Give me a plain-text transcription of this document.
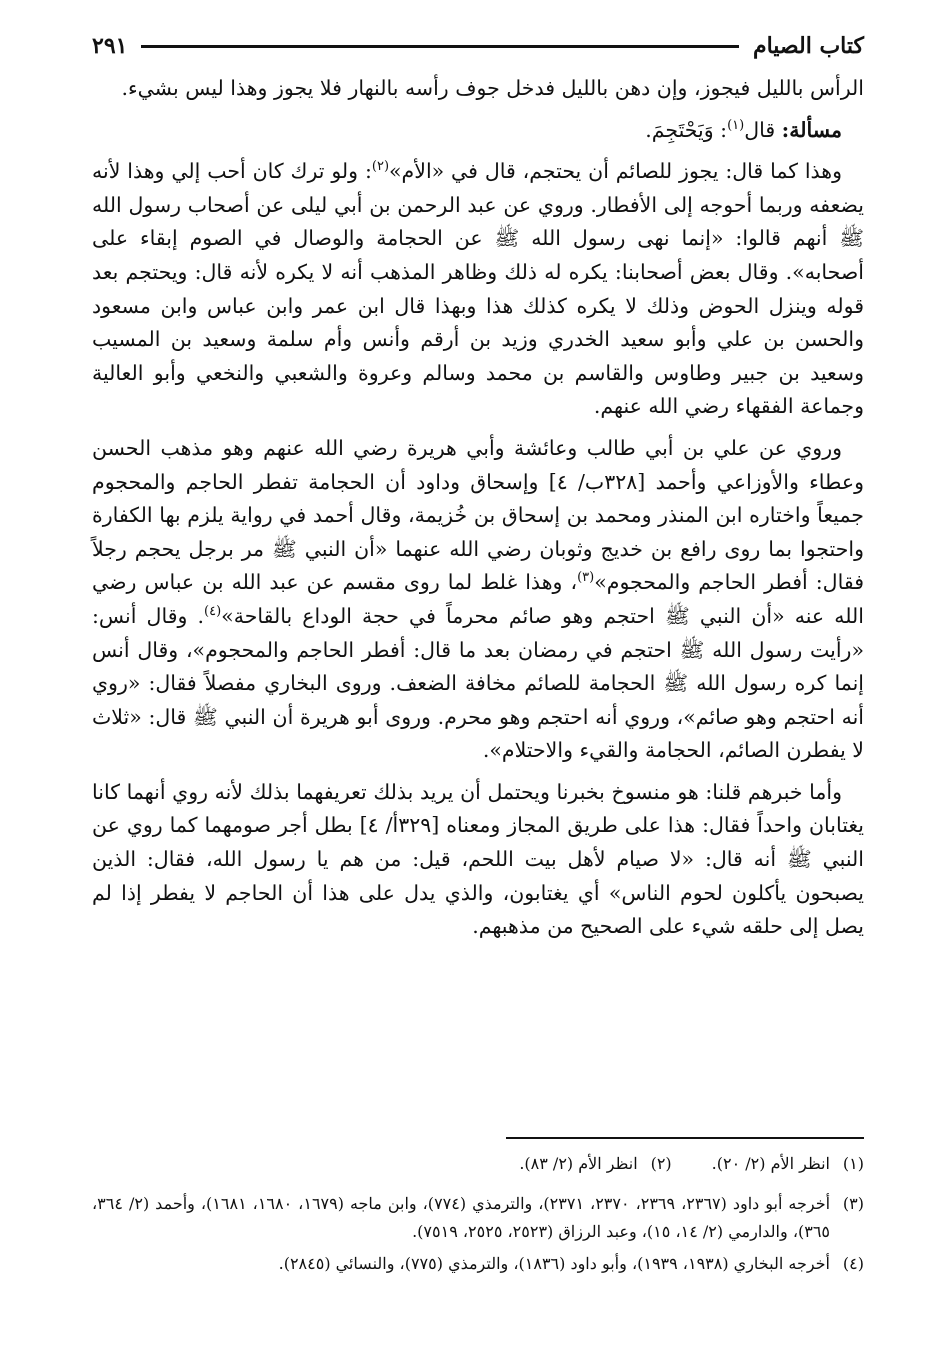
كتاب الصيام
٢٩١

الرأس بالليل فيجوز، وإن دهن بالليل فدخل جوف رأسه بالنهار فلا يجوز وهذا ليس بشيء.

مسألة: قال$^{(١)}$: وَيَحْتَجِمَ.

وهذا كما قال: يجوز للصائم أن يحتجم، قال في «الأم»$^{(٢)}$: ولو ترك كان أحب إلي وهذا لأنه يضعفه وربما أحوجه إلى الأفطار. وروي عن عبد الرحمن بن أبي ليلى عن أصحاب رسول الله ﷺ أنهم قالوا: «إنما نهى رسول الله ﷺ عن الحجامة والوصال في الصوم إبقاء على أصحابه». وقال بعض أصحابنا: يكره له ذلك وظاهر المذهب أنه لا يكره لأنه قال: ويحتجم بعد قوله وينزل الحوض وذلك لا يكره كذلك هذا وبهذا قال ابن عمر وابن عباس وابن مسعود والحسن بن علي وأبو سعيد الخدري وزيد بن أرقم وأنس وأم سلمة وسعيد بن المسيب وسعيد بن جبير وطاوس والقاسم بن محمد وسالم وعروة والشعبي والنخعي وأبو العالية وجماعة الفقهاء رضي الله عنهم.

وروي عن علي بن أبي طالب وعائشة وأبي هريرة رضي الله عنهم وهو مذهب الحسن وعطاء والأوزاعي وأحمد [٣٢٨ب/ ٤] وإسحاق وداود أن الحجامة تفطر الحاجم والمحجوم جميعاً واختاره ابن المنذر ومحمد بن إسحاق بن خُزيمة، وقال أحمد في رواية يلزم بها الكفارة واحتجوا بما روى رافع بن خديج وثوبان رضي الله عنهما «أن النبي ﷺ مر برجل يحجم رجلاً فقال: أفطر الحاجم والمحجوم»$^{(٣)}$، وهذا غلط لما روى مقسم عن عبد الله بن عباس رضي الله عنه «أن النبي ﷺ احتجم وهو صائم محرماً في حجة الوداع بالقاحة»$^{(٤)}$. وقال أنس: «رأيت رسول الله ﷺ احتجم في رمضان بعد ما قال: أفطر الحاجم والمحجوم»، وقال أنس إنما كره رسول الله ﷺ الحجامة للصائم مخافة الضعف. وروى البخاري مفصلاً فقال: «روي أنه احتجم وهو صائم»، وروي أنه احتجم وهو محرم. وروى أبو هريرة أن النبي ﷺ قال: «ثلاث لا يفطرن الصائم، الحجامة والقيء والاحتلام».

وأما خبرهم قلنا: هو منسوخ بخبرنا ويحتمل أن يريد بذلك تعريفهما بذلك لأنه روي أنهما كانا يغتابان واحداً فقال: هذا على طريق المجاز ومعناه [٣٢٩أ/ ٤] بطل أجر صومهما كما روي عن النبي ﷺ أنه قال: «لا صيام لأهل بيت اللحم، قيل: من هم يا رسول الله، فقال: الذين يصبحون يأكلون لحوم الناس» أي يغتابون، والذي يدل على هذا أن الحاجم لا يفطر إذا لم يصل إلى حلقه شيء على الصحيح من مذهبهم.

(١)
انظر الأم (٢/ ٢٠).
(٢)
انظر الأم (٢/ ٨٣).
(٣)
أخرجه أبو داود (٢٣٦٧، ٢٣٦٩، ٢٣٧٠، ٢٣٧١)، والترمذي (٧٧٤)، وابن ماجه (١٦٧٩، ١٦٨٠، ١٦٨١)، وأحمد (٢/ ٣٦٤، ٣٦٥)، والدارمي (٢/ ١٤، ١٥)، وعبد الرزاق (٢٥٢٣، ٢٥٢٥، ٧٥١٩).
(٤)
أخرجه البخاري (١٩٣٨، ١٩٣٩)، وأبو داود (١٨٣٦)، والترمذي (٧٧٥)، والنسائي (٢٨٤٥).
